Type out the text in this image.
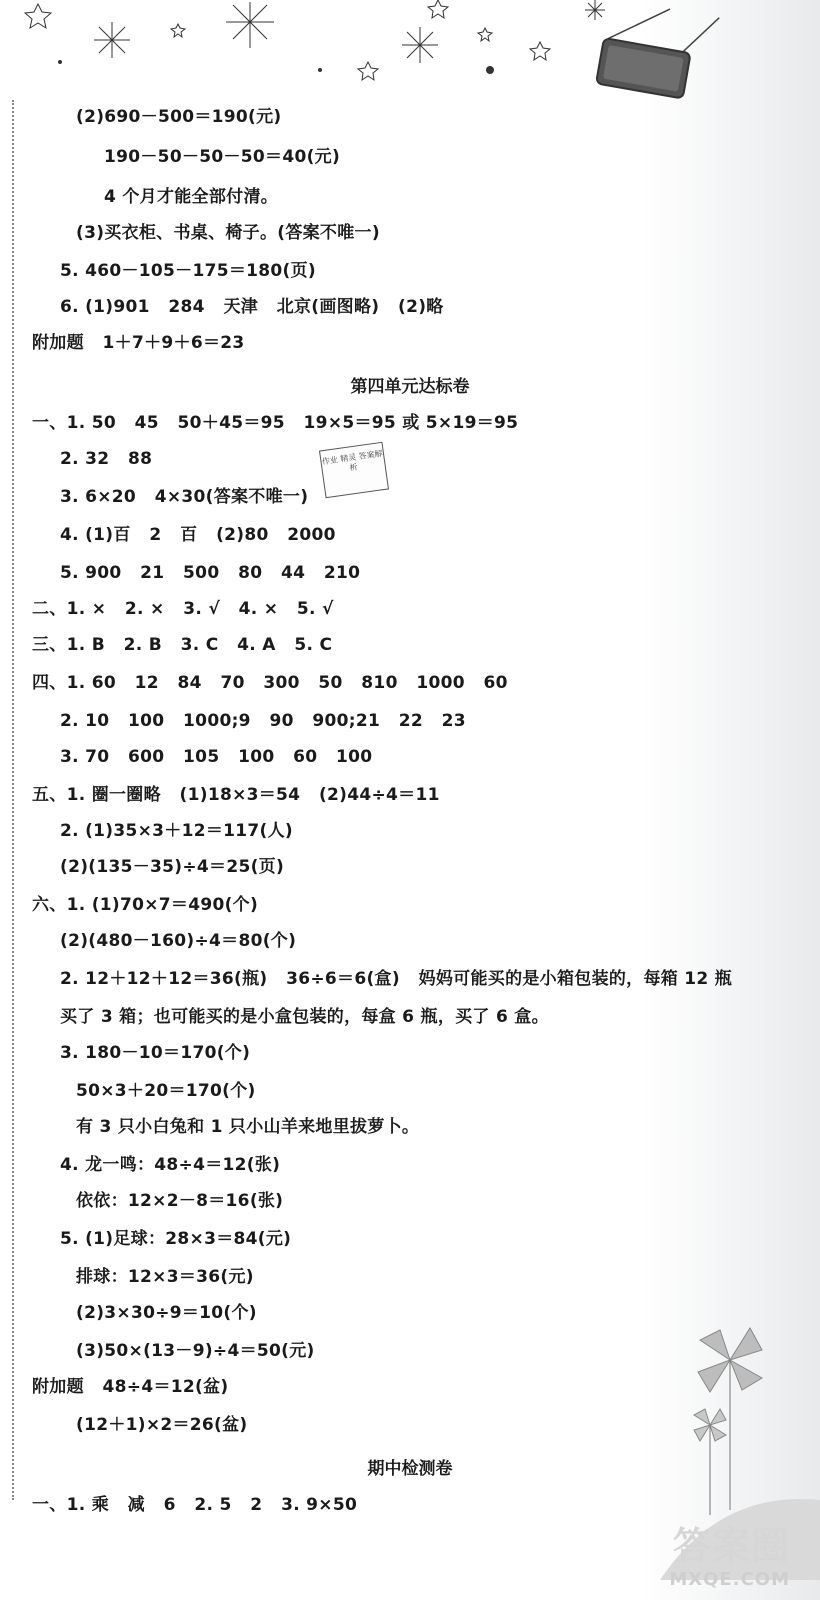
(2)690－500＝190(元)
190－50－50－50＝40(元)
4 个月才能全部付清。
(3)买衣柜、书桌、椅子。(答案不唯一)
5. 460－105－175＝180(页)
6. (1)901   284   天津   北京(画图略)   (2)略
附加题   1＋7＋9＋6＝23
第四单元达标卷
一、1. 50   45   50＋45＝95   19×5＝95 或 5×19＝95
2. 32   88
3. 6×20   4×30(答案不唯一)
4. (1)百   2   百   (2)80   2000
5. 900   21   500   80   44   210
二、1. ×   2. ×   3. √   4. ×   5. √
三、1. B   2. B   3. C   4. A   5. C
四、1. 60   12   84   70   300   50   810   1000   60
2. 10   100   1000;9   90   900;21   22   23
3. 70   600   105   100   60   100
五、1. 圈一圈略   (1)18×3＝54   (2)44÷4＝11
2. (1)35×3＋12＝117(人)
(2)(135－35)÷4＝25(页)
六、1. (1)70×7＝490(个)
(2)(480－160)÷4＝80(个)
2. 12＋12＋12＝36(瓶)   36÷6＝6(盒)   妈妈可能买的是小箱包装的，每箱 12 瓶
买了 3 箱；也可能买的是小盒包装的，每盒 6 瓶，买了 6 盒。
3. 180－10＝170(个)
50×3＋20＝170(个)
有 3 只小白兔和 1 只小山羊来地里拔萝卜。
4. 龙一鸣：48÷4＝12(张)
依依：12×2－8＝16(张)
5. (1)足球：28×3＝84(元)
排球：12×3＝36(元)
(2)3×30÷9＝10(个)
(3)50×(13－9)÷4＝50(元)
附加题   48÷4＝12(盆)
(12＋1)×2＝26(盆)
期中检测卷
一、1. 乘   减   6   2. 5   2   3. 9×50
作业 精灵 答案解析
答案圈
MXQE.COM
